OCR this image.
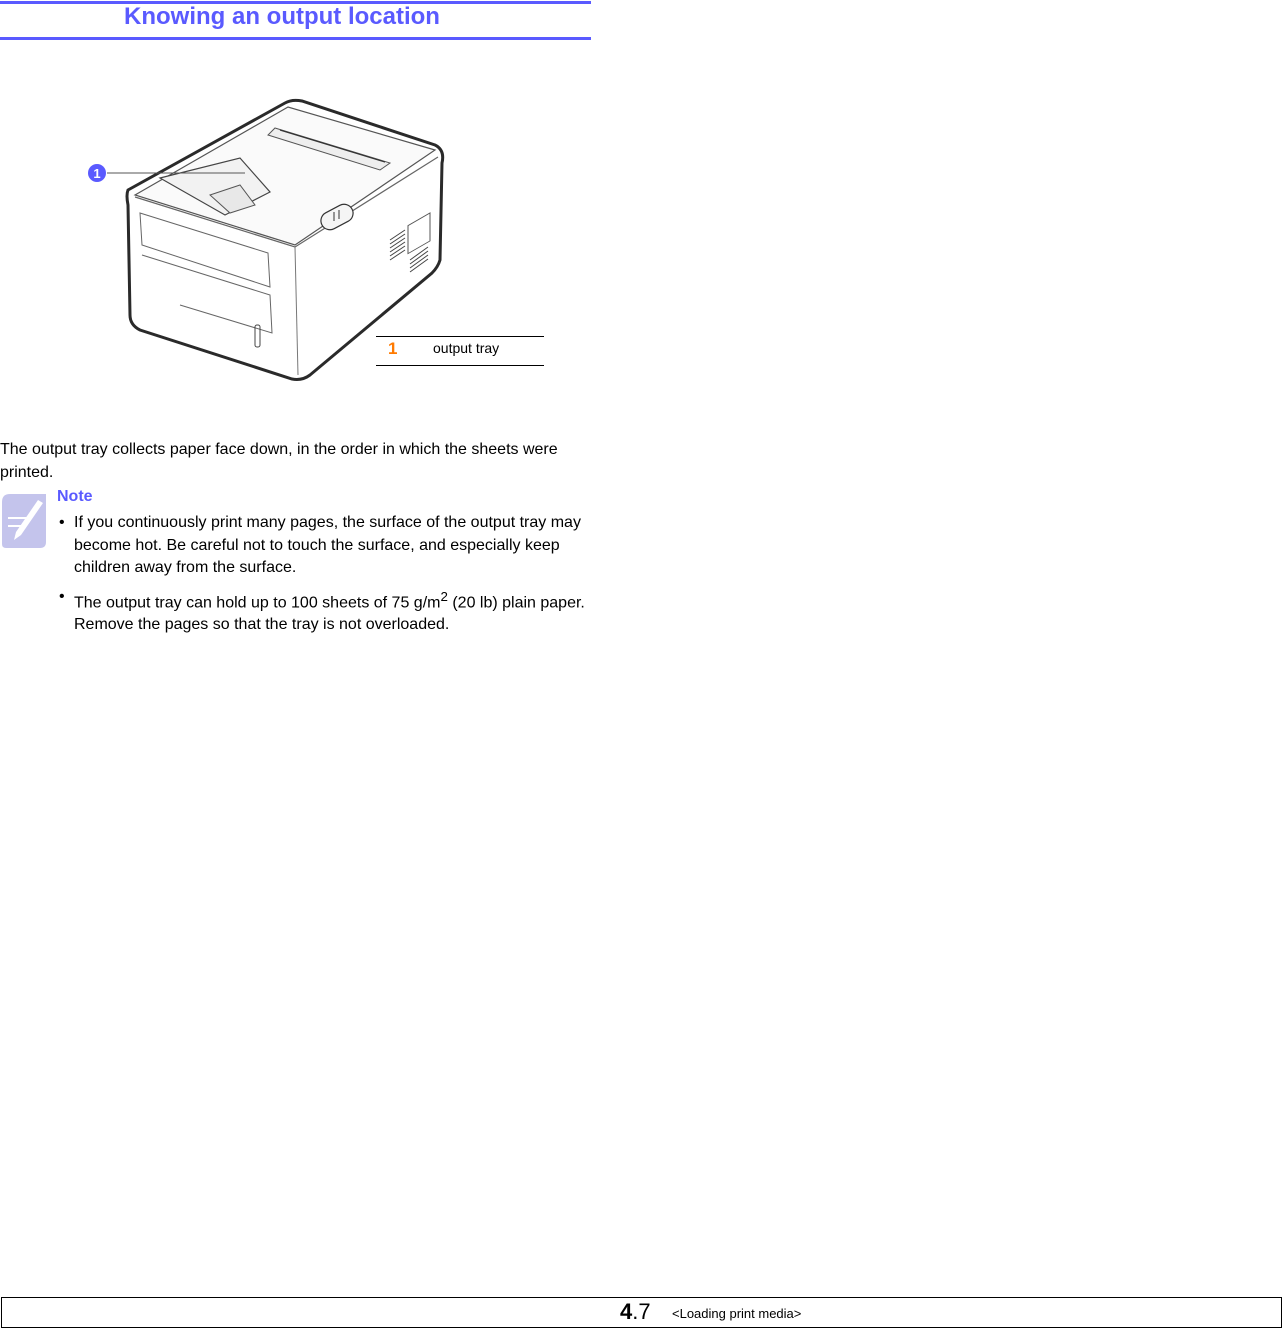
Knowing an output location
1
1	output tray

The output tray collects paper face down, in the order in which the sheets were printed.

Note
• If you continuously print many pages, the surface of the output tray may become hot. Be careful not to touch the surface, and especially keep children away from the surface.
• The output tray can hold up to 100 sheets of 75 $g/m^2$ (20 lb) plain paper. Remove the pages so that the tray is not overloaded.
4.7 <Loading print media>
